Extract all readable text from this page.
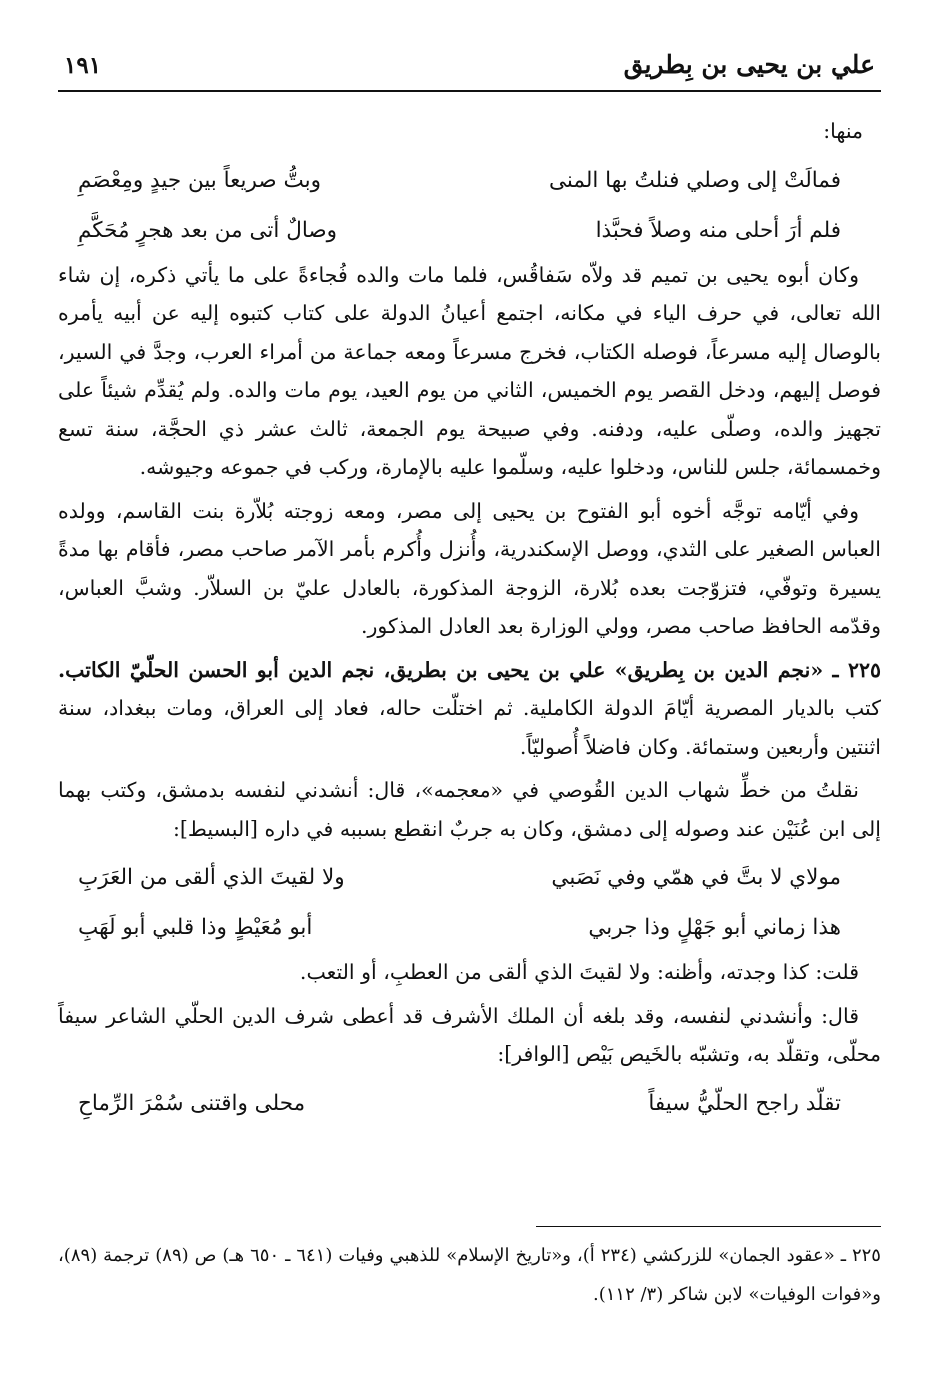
علي بن يحيى بن بِطريق
١٩١

منها:

فمالَتْ إلى وصلي فنلتُ بها المنى
وبتُّ صريعاً بين جيدٍ ومِعْصَمِ
فلم أرَ أحلى منه وصلاً فحبَّذا
وصالٌ أتى من بعد هجرٍ مُحَكَّمِ

وكان أبوه يحيى بن تميم قد ولاّه سَفاقُس، فلما مات والده فُجاءةً على ما يأتي ذكره، إن شاء الله تعالى، في حرف الياء في مكانه، اجتمع أعيانُ الدولة على كتاب كتبوه إليه عن أبيه يأمره بالوصال إليه مسرعاً، فوصله الكتاب، فخرج مسرعاً ومعه جماعة من أمراء العرب، وجدَّ في السير، فوصل إليهم، ودخل القصر يوم الخميس، الثاني من يوم العيد، يوم مات والده. ولم يُقدِّم شيئاً على تجهيز والده، وصلّى عليه، ودفنه. وفي صبيحة يوم الجمعة، ثالث عشر ذي الحجَّة، سنة تسع وخمسمائة، جلس للناس، ودخلوا عليه، وسلّموا عليه بالإمارة، وركب في جموعه وجيوشه.

وفي أيّامه توجَّه أخوه أبو الفتوح بن يحيى إلى مصر، ومعه زوجته بُلاّرة بنت القاسم، وولده العباس الصغير على الثدي، ووصل الإسكندرية، وأُنزل وأُكرم بأمر الآمر صاحب مصر، فأقام بها مدةً يسيرة وتوفّي، فتزوّجت بعده بُلارة، الزوجة المذكورة، بالعادل عليّ بن السلاّر. وشبَّ العباس، وقدّمه الحافظ صاحب مصر، وولي الوزارة بعد العادل المذكور.

٢٢٥ ـ «نجم الدين بن بِطريق» علي بن يحيى بن بطريق، نجم الدين أبو الحسن الحلّيّ الكاتب. كتب بالديار المصرية أيّامَ الدولة الكاملية. ثم اختلّت حاله، فعاد إلى العراق، ومات ببغداد، سنة اثنتين وأربعين وستمائة. وكان فاضلاً أُصوليّاً.

نقلتُ من خطِّ شهاب الدين القُوصي في «معجمه»، قال: أنشدني لنفسه بدمشق، وكتب بهما إلى ابن عُنَيْن عند وصوله إلى دمشق، وكان به جربٌ انقطع بسببه في داره [البسيط]:

مولاي لا بتَّ في همّي وفي نَصَبي
ولا لقيتَ الذي ألقى من العَرَبِ
هذا زماني أبو جَهْلٍ وذا جربي
أبو مُعَيْطٍ وذا قلبي أبو لَهَبِ

قلت: كذا وجدته، وأظنه: ولا لقيتَ الذي ألقى من العطبِ، أو التعب.

قال: وأنشدني لنفسه، وقد بلغه أن الملك الأشرف قد أعطى شرف الدين الحلّي الشاعر سيفاً محلّى، وتقلّد به، وتشبّه بالخَيص بَيْص [الوافر]:

تقلّد راجح الحلّيُّ سيفاً
محلى واقتنى سُمْرَ الرِّماحِ

٢٢٥ ـ «عقود الجمان» للزركشي (٢٣٤ أ)، و«تاريخ الإسلام» للذهبي وفيات (٦٤١ ـ ٦٥٠ هـ) ص (٨٩) ترجمة (٨٩)، و«فوات الوفيات» لابن شاكر (٣/ ١١٢).
